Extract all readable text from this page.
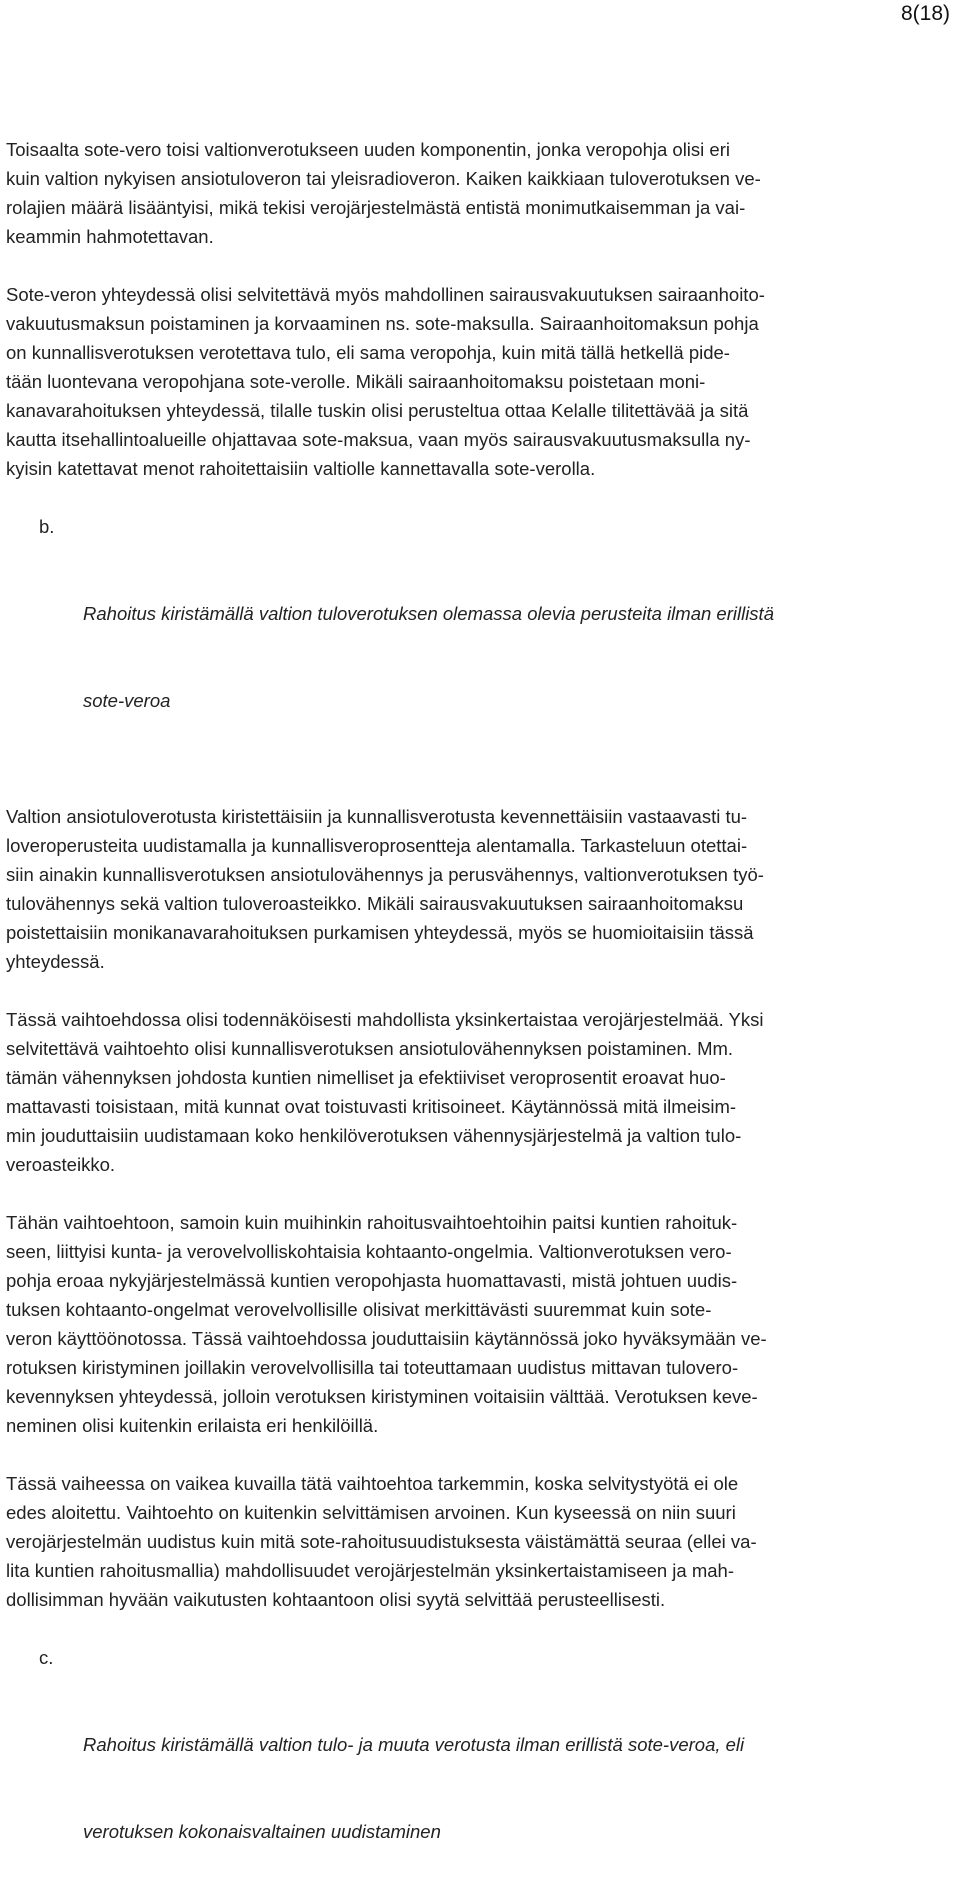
8(18)

Toisaalta sote-vero toisi valtionverotukseen uuden komponentin, jonka veropohja olisi eri
kuin valtion nykyisen ansiotuloveron tai yleisradioveron. Kaiken kaikkiaan tuloverotuksen ve-
rolajien määrä lisääntyisi, mikä tekisi verojärjestelmästä entistä monimutkaisemman ja vai-
keammin hahmotettavan.

Sote-veron yhteydessä olisi selvitettävä myös mahdollinen sairausvakuutuksen sairaanhoito-
vakuutusmaksun poistaminen ja korvaaminen ns. sote-maksulla. Sairaanhoitomaksun pohja
on kunnallisverotuksen verotettava tulo, eli sama veropohja, kuin mitä tällä hetkellä pide-
tään luontevana veropohjana sote-verolle. Mikäli sairaanhoitomaksu poistetaan moni-
kanavarahoituksen yhteydessä, tilalle tuskin olisi perusteltua ottaa Kelalle tilitettävää ja sitä
kautta itsehallintoalueille ohjattavaa sote-maksua, vaan myös sairausvakuutusmaksulla ny-
kyisin katettavat menot rahoitettaisiin valtiolle kannettavalla sote-verolla.

b.

Rahoitus kiristämällä valtion tuloverotuksen olemassa olevia perusteita ilman erillistä

sote-veroa

Valtion ansiotuloverotusta kiristettäisiin ja kunnallisverotusta kevennettäisiin vastaavasti tu-
loveroperusteita uudistamalla ja kunnallisveroprosentteja alentamalla. Tarkasteluun otettai-
siin ainakin kunnallisverotuksen ansiotulovähennys ja perusvähennys, valtionverotuksen työ-
tulovähennys sekä valtion tuloveroasteikko. Mikäli sairausvakuutuksen sairaanhoitomaksu
poistettaisiin monikanavarahoituksen purkamisen yhteydessä, myös se huomioitaisiin tässä
yhteydessä.

Tässä vaihtoehdossa olisi todennäköisesti mahdollista yksinkertaistaa verojärjestelmää. Yksi
selvitettävä vaihtoehto olisi kunnallisverotuksen ansiotulovähennyksen poistaminen. Mm.
tämän vähennyksen johdosta kuntien nimelliset ja efektiiviset veroprosentit eroavat huo-
mattavasti toisistaan, mitä kunnat ovat toistuvasti kritisoineet. Käytännössä mitä ilmeisim-
min jouduttaisiin uudistamaan koko henkilöverotuksen vähennysjärjestelmä ja valtion tulo-
veroasteikko.

Tähän vaihtoehtoon, samoin kuin muihinkin rahoitusvaihtoehtoihin paitsi kuntien rahoituk-
seen, liittyisi kunta- ja verovelvolliskohtaisia kohtaanto-ongelmia. Valtionverotuksen vero-
pohja eroaa nykyjärjestelmässä kuntien veropohjasta huomattavasti, mistä johtuen uudis-
tuksen kohtaanto-ongelmat verovelvollisille olisivat merkittävästi suuremmat kuin sote-
veron käyttöönotossa. Tässä vaihtoehdossa jouduttaisiin käytännössä joko hyväksymään ve-
rotuksen kiristyminen joillakin verovelvollisilla tai toteuttamaan uudistus mittavan tulovero-
kevennyksen yhteydessä, jolloin verotuksen kiristyminen voitaisiin välttää. Verotuksen keve-
neminen olisi kuitenkin erilaista eri henkilöillä.

Tässä vaiheessa on vaikea kuvailla tätä vaihtoehtoa tarkemmin, koska selvitystyötä ei ole
edes aloitettu. Vaihtoehto on kuitenkin selvittämisen arvoinen. Kun kyseessä on niin suuri
verojärjestelmän uudistus kuin mitä sote-rahoitusuudistuksesta väistämättä seuraa (ellei va-
lita kuntien rahoitusmallia) mahdollisuudet verojärjestelmän yksinkertaistamiseen ja mah-
dollisimman hyvään vaikutusten kohtaantoon olisi syytä selvittää perusteellisesti.

c.

Rahoitus kiristämällä valtion tulo- ja muuta verotusta ilman erillistä sote-veroa, eli

verotuksen kokonaisvaltainen uudistaminen
